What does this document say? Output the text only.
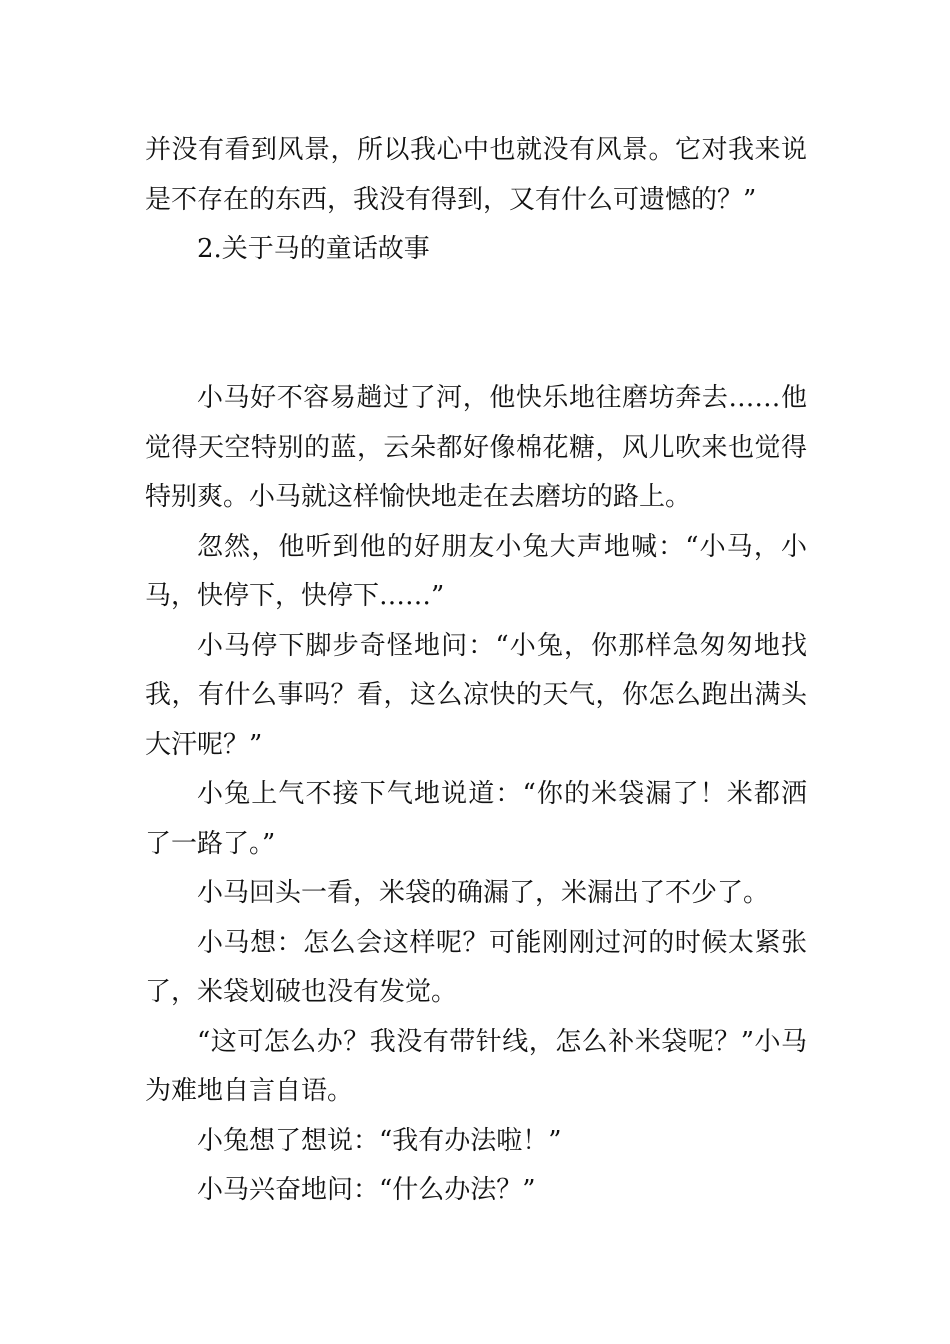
并没有看到风景，所以我心中也就没有风景。它对我来说是不存在的东西，我没有得到，又有什么可遗憾的？”

2.关于马的童话故事

小马好不容易趟过了河，他快乐地往磨坊奔去……他觉得天空特别的蓝，云朵都好像棉花糖，风儿吹来也觉得特别爽。小马就这样愉快地走在去磨坊的路上。

忽然，他听到他的好朋友小兔大声地喊：“小马，小马，快停下，快停下……”

小马停下脚步奇怪地问：“小兔，你那样急匆匆地找我，有什么事吗？看，这么凉快的天气，你怎么跑出满头大汗呢？”

小兔上气不接下气地说道：“你的米袋漏了！米都洒了一路了。”

小马回头一看，米袋的确漏了，米漏出了不少了。

小马想：怎么会这样呢？可能刚刚过河的时候太紧张了，米袋划破也没有发觉。

“这可怎么办？我没有带针线，怎么补米袋呢？”小马为难地自言自语。

小兔想了想说：“我有办法啦！”

小马兴奋地问：“什么办法？”
